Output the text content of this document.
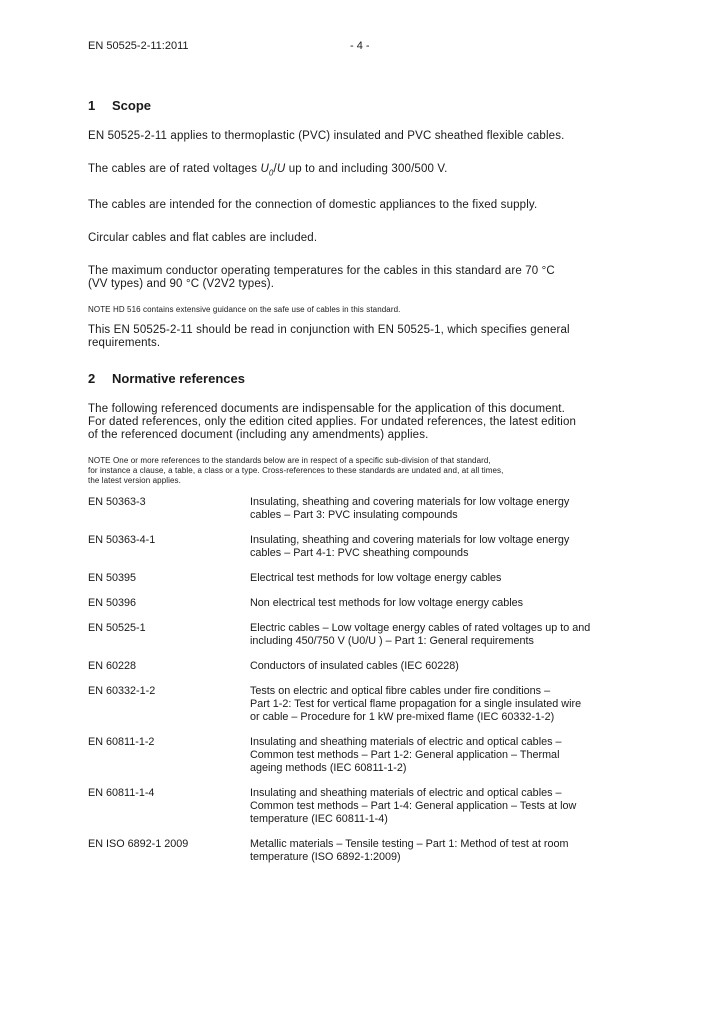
EN 50525-2-11:2011	- 4 -
1 Scope

EN 50525-2-11 applies to thermoplastic (PVC) insulated and PVC sheathed flexible cables.

The cables are of rated voltages $U_0/U$ up to and including 300/500 V.

The cables are intended for the connection of domestic appliances to the fixed supply.

Circular cables and flat cables are included.

The maximum conductor operating temperatures for the cables in this standard are 70 °C
(VV types) and 90 °C (V2V2 types).

NOTE HD 516 contains extensive guidance on the safe use of cables in this standard.

This EN 50525-2-11 should be read in conjunction with EN 50525-1, which specifies general
requirements.

2 Normative references

The following referenced documents are indispensable for the application of this document.
For dated references, only the edition cited applies. For undated references, the latest edition
of the referenced document (including any amendments) applies.

NOTE One or more references to the standards below are in respect of a specific sub-division of that standard,
for instance a clause, a table, a class or a type. Cross-references to these standards are undated and, at all times,
the latest version applies.

EN 50363-3	Insulating, sheathing and covering materials for low voltage energy
cables – Part 3: PVC insulating compounds

EN 50363-4-1	Insulating, sheathing and covering materials for low voltage energy
cables – Part 4-1: PVC sheathing compounds

EN 50395	Electrical test methods for low voltage energy cables

EN 50396	Non electrical test methods for low voltage energy cables

EN 50525-1	Electric cables – Low voltage energy cables of rated voltages up to and
including 450/750 V (U0/U ) – Part 1: General requirements

EN 60228	Conductors of insulated cables (IEC 60228)

EN 60332-1-2	Tests on electric and optical fibre cables under fire conditions –
Part 1-2: Test for vertical flame propagation for a single insulated wire
or cable – Procedure for 1 kW pre-mixed flame (IEC 60332-1-2)

EN 60811-1-2	Insulating and sheathing materials of electric and optical cables –
Common test methods – Part 1-2: General application – Thermal
ageing methods (IEC 60811-1-2)

EN 60811-1-4	Insulating and sheathing materials of electric and optical cables –
Common test methods – Part 1-4: General application – Tests at low
temperature (IEC 60811-1-4)

EN ISO 6892-1 2009	Metallic materials – Tensile testing – Part 1: Method of test at room
temperature (ISO 6892-1:2009)
